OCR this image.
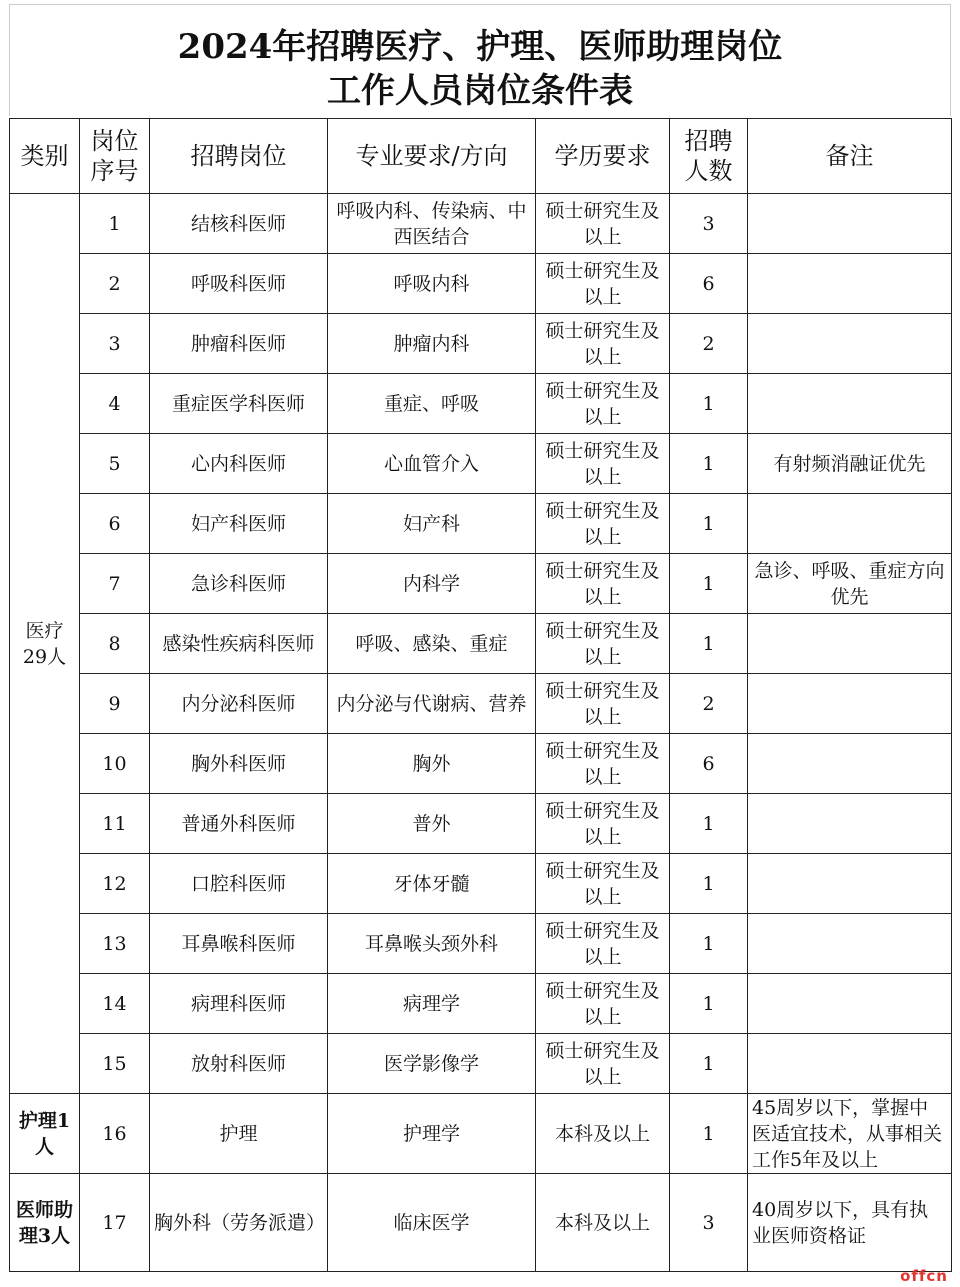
2024年招聘医疗、护理、医师助理岗位
工作人员岗位条件表
类别	岗位序号	招聘岗位	专业要求/方向	学历要求	招聘人数	备注
医疗29人	1	结核科医师	呼吸内科、传染病、中西医结合	硕士研究生及以上	3	
	2	呼吸科医师	呼吸内科	硕士研究生及以上	6	
	3	肿瘤科医师	肿瘤内科	硕士研究生及以上	2	
	4	重症医学科医师	重症、呼吸	硕士研究生及以上	1	
	5	心内科医师	心血管介入	硕士研究生及以上	1	有射频消融证优先
	6	妇产科医师	妇产科	硕士研究生及以上	1	
	7	急诊科医师	内科学	硕士研究生及以上	1	急诊、呼吸、重症方向优先
	8	感染性疾病科医师	呼吸、感染、重症	硕士研究生及以上	1	
	9	内分泌科医师	内分泌与代谢病、营养	硕士研究生及以上	2	
	10	胸外科医师	胸外	硕士研究生及以上	6	
	11	普通外科医师	普外	硕士研究生及以上	1	
	12	口腔科医师	牙体牙髓	硕士研究生及以上	1	
	13	耳鼻喉科医师	耳鼻喉头颈外科	硕士研究生及以上	1	
	14	病理科医师	病理学	硕士研究生及以上	1	
	15	放射科医师	医学影像学	硕士研究生及以上	1	
护理1人	16	护理	护理学	本科及以上	1	45周岁以下，掌握中医适宜技术，从事相关工作5年及以上
医师助理3人	17	胸外科（劳务派遣）	临床医学	本科及以上	3	40周岁以下，具有执业医师资格证
offcn
